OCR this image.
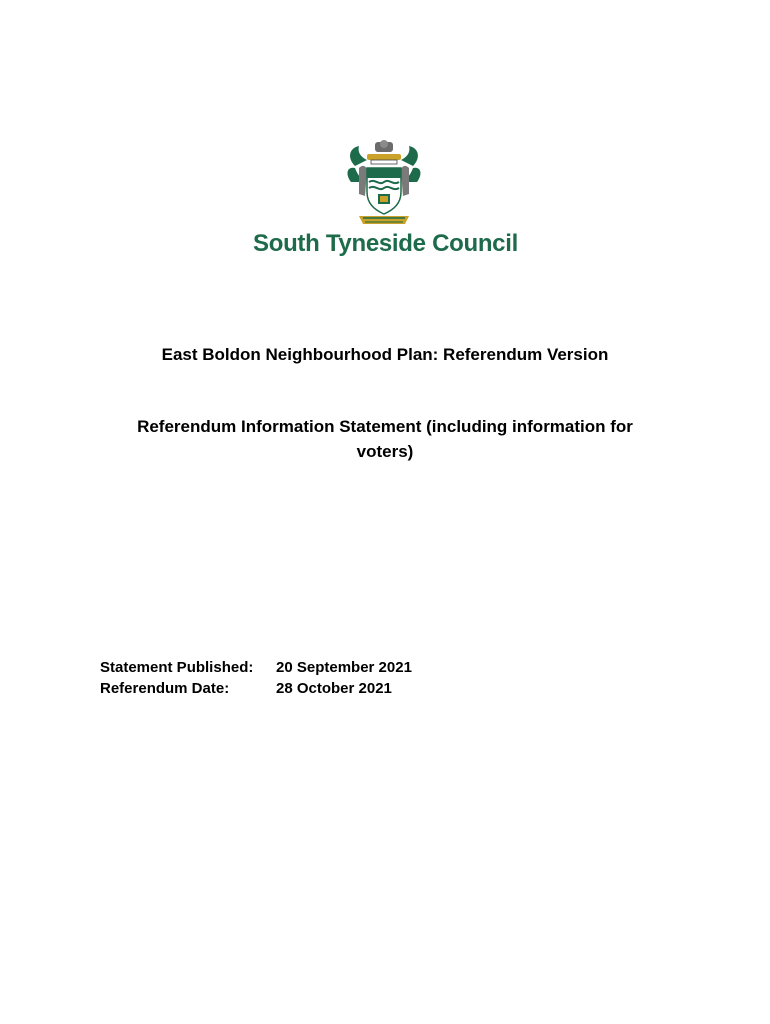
South Tyneside Council
East Boldon Neighbourhood Plan: Referendum Version
Referendum Information Statement (including information for voters)
Statement Published:	20 September 2021
Referendum Date:	28 October 2021
